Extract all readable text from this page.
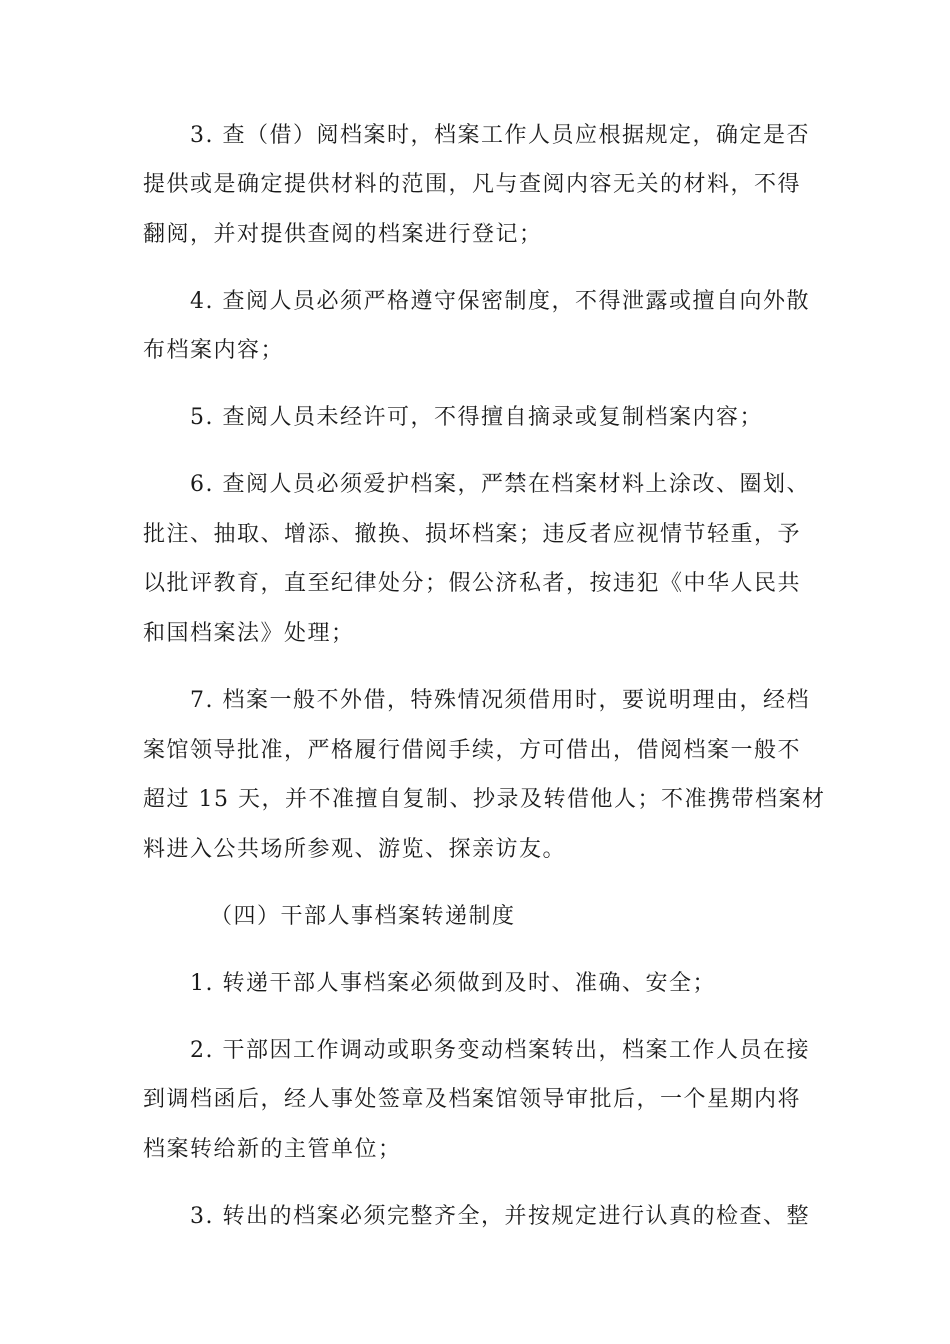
3. 查（借）阅档案时，档案工作人员应根据规定，确定是否
提供或是确定提供材料的范围，凡与查阅内容无关的材料，不得
翻阅，并对提供查阅的档案进行登记；
4. 查阅人员必须严格遵守保密制度，不得泄露或擅自向外散
布档案内容；
5. 查阅人员未经许可，不得擅自摘录或复制档案内容；
6. 查阅人员必须爱护档案，严禁在档案材料上涂改、圈划、
批注、抽取、增添、撤换、损坏档案；违反者应视情节轻重，予
以批评教育，直至纪律处分；假公济私者，按违犯《中华人民共
和国档案法》处理；
7. 档案一般不外借，特殊情况须借用时，要说明理由，经档
案馆领导批准，严格履行借阅手续，方可借出，借阅档案一般不
超过 15 天，并不准擅自复制、抄录及转借他人；不准携带档案材
料进入公共场所参观、游览、探亲访友。
（四）干部人事档案转递制度
1. 转递干部人事档案必须做到及时、准确、安全；
2. 干部因工作调动或职务变动档案转出，档案工作人员在接
到调档函后，经人事处签章及档案馆领导审批后，一个星期内将
档案转给新的主管单位；
3. 转出的档案必须完整齐全，并按规定进行认真的检查、整
